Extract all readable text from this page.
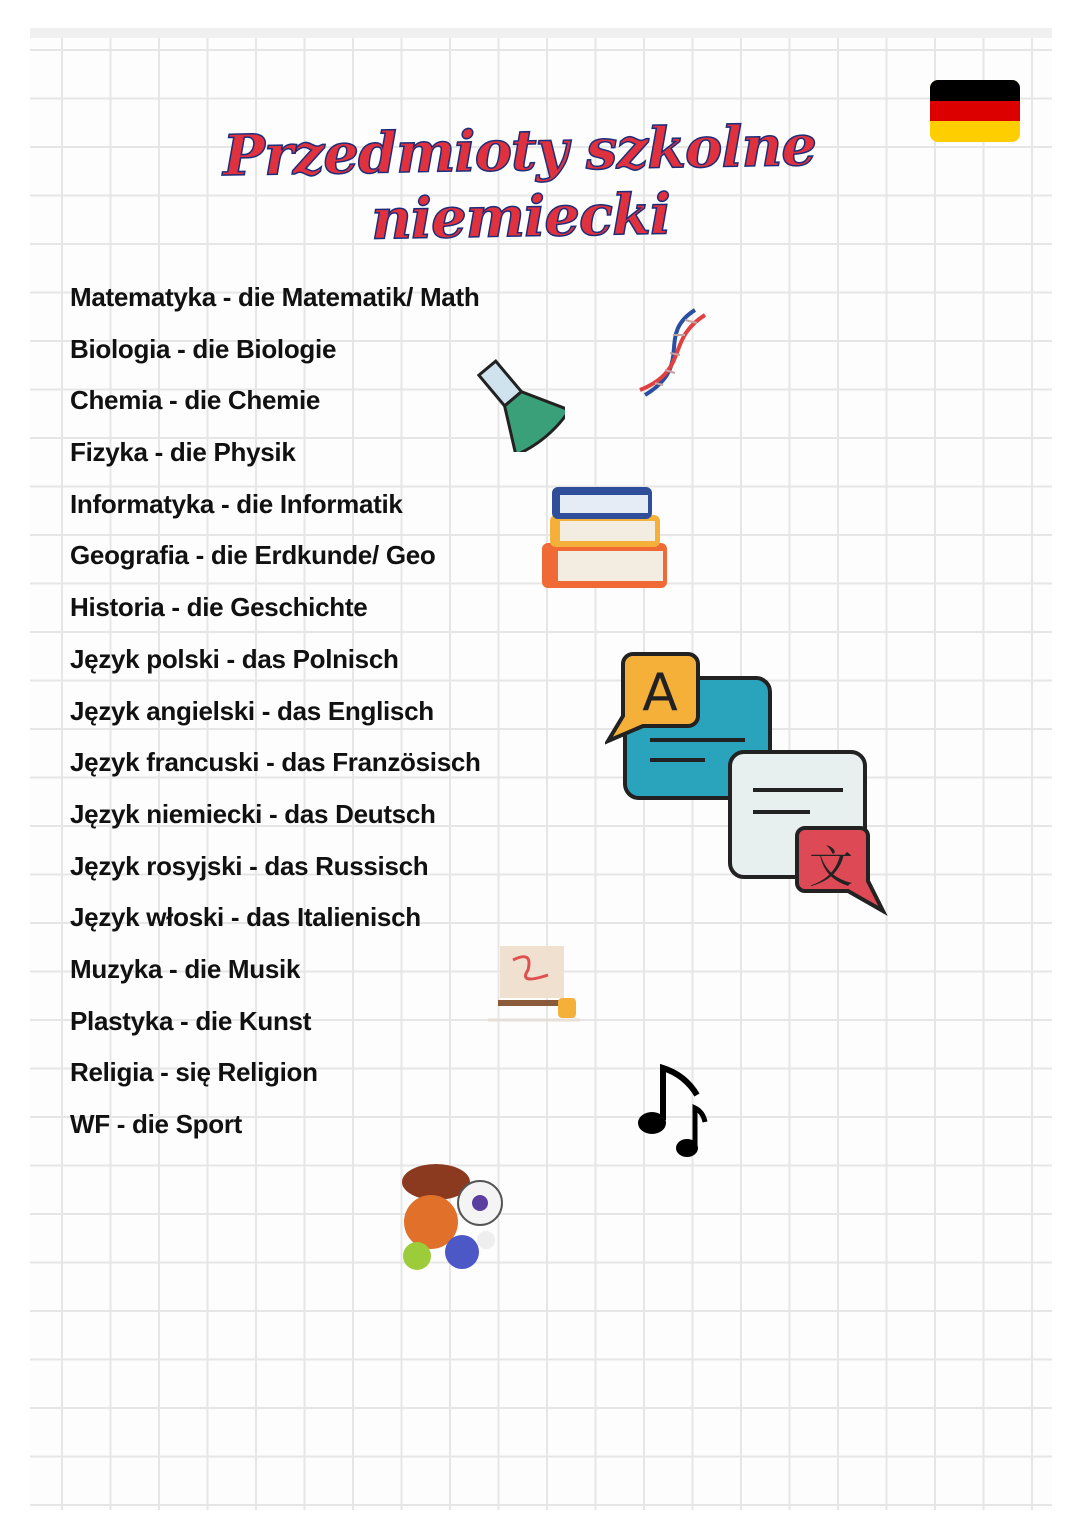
Przedmioty szkolne niemiecki
Matematyka - die Matematik/ Math
Biologia - die Biologie
Chemia - die Chemie
Fizyka - die Physik
Informatyka - die Informatik
Geografia - die Erdkunde/ Geo
Historia - die Geschichte
Język polski - das Polnisch
Język angielski - das Englisch
Język francuski - das Französisch
Język niemiecki - das Deutsch
Język rosyjski - das Russisch
Język włoski - das Italienisch
Muzyka - die Musik
Plastyka - die Kunst
Religia - się Religion
WF - die Sport
A
文
